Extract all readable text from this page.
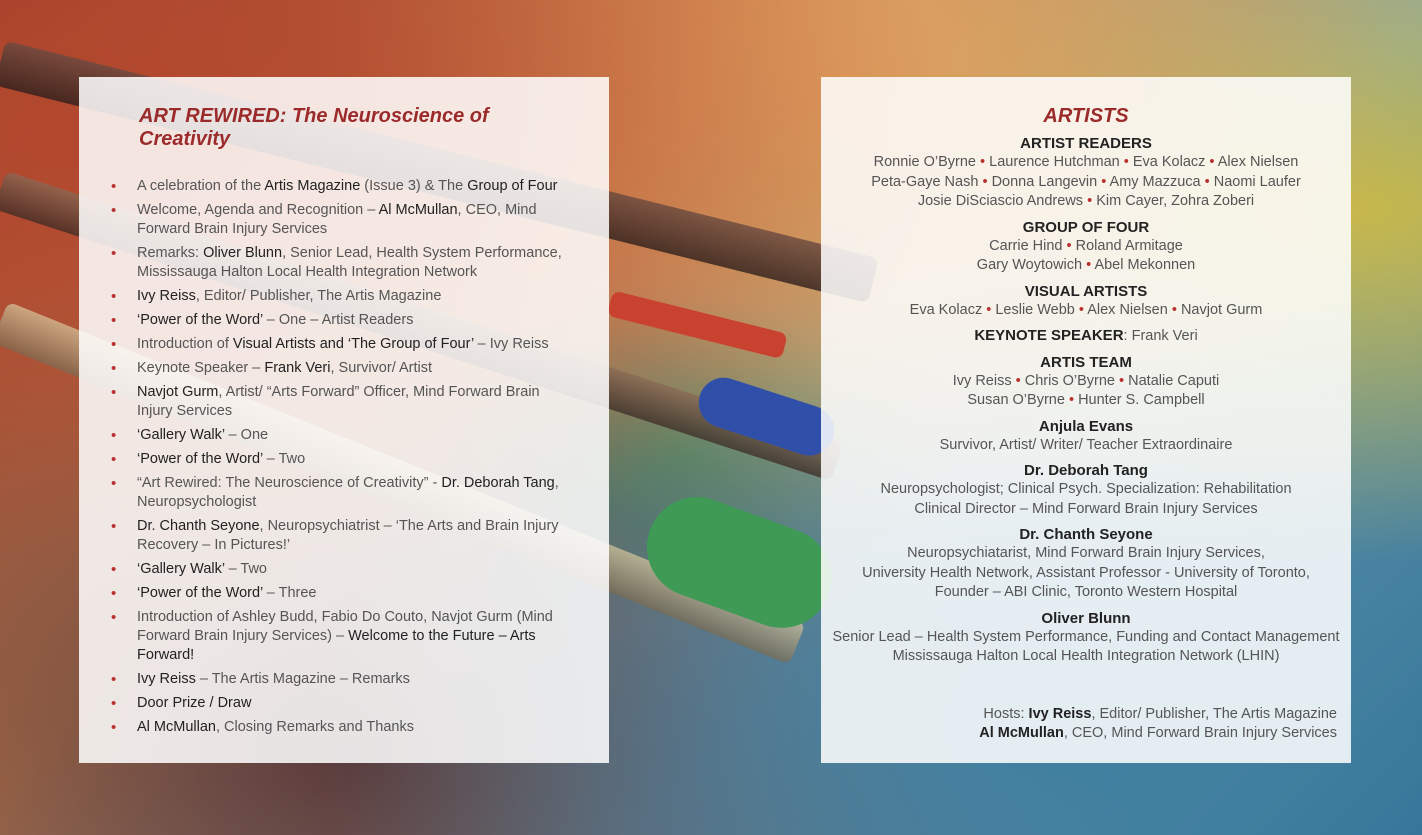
ART REWIRED: The Neuroscience of Creativity
• A celebration of the Artis Magazine (Issue 3) & The Group of Four
• Welcome, Agenda and Recognition – Al McMullan, CEO, Mind Forward Brain Injury Services
• Remarks: Oliver Blunn, Senior Lead, Health System Performance, Mississauga Halton Local Health Integration Network
• Ivy Reiss, Editor/ Publisher, The Artis Magazine
• ‘Power of the Word’ – One – Artist Readers
• Introduction of Visual Artists and ‘The Group of Four’ – Ivy Reiss
• Keynote Speaker – Frank Veri, Survivor/ Artist
• Navjot Gurm, Artist/ “Arts Forward” Officer, Mind Forward Brain Injury Services
• ‘Gallery Walk’ – One
• ‘Power of the Word’ – Two
• “Art Rewired: The Neuroscience of Creativity” - Dr. Deborah Tang, Neuropsychologist
• Dr. Chanth Seyone, Neuropsychiatrist – ‘The Arts and Brain Injury Recovery – In Pictures!’
• ‘Gallery Walk’ – Two
• ‘Power of the Word’ – Three
• Introduction of Ashley Budd, Fabio Do Couto, Navjot Gurm (Mind Forward Brain Injury Services) – Welcome to the Future – Arts Forward!
• Ivy Reiss – The Artis Magazine – Remarks
• Door Prize / Draw
• Al McMullan, Closing Remarks and Thanks
ARTISTS
ARTIST READERS
Ronnie O’Byrne • Laurence Hutchman • Eva Kolacz • Alex Nielsen
Peta-Gaye Nash • Donna Langevin • Amy Mazzuca • Naomi Laufer
Josie DiSciascio Andrews • Kim Cayer, Zohra Zoberi
GROUP OF FOUR
Carrie Hind • Roland Armitage
Gary Woytowich • Abel Mekonnen
VISUAL ARTISTS
Eva Kolacz • Leslie Webb • Alex Nielsen • Navjot Gurm
KEYNOTE SPEAKER: Frank Veri
ARTIS TEAM
Ivy Reiss • Chris O’Byrne • Natalie Caputi
Susan O’Byrne • Hunter S. Campbell
Anjula Evans
Survivor, Artist/ Writer/ Teacher Extraordinaire
Dr. Deborah Tang
Neuropsychologist; Clinical Psych. Specialization: Rehabilitation
Clinical Director – Mind Forward Brain Injury Services
Dr. Chanth Seyone
Neuropsychiatarist, Mind Forward Brain Injury Services,
University Health Network, Assistant Professor - University of Toronto,
Founder – ABI Clinic, Toronto Western Hospital
Oliver Blunn
Senior Lead – Health System Performance, Funding and Contact Management
Mississauga Halton Local Health Integration Network (LHIN)
Hosts: Ivy Reiss, Editor/ Publisher, The Artis Magazine
Al McMullan, CEO, Mind Forward Brain Injury Services
